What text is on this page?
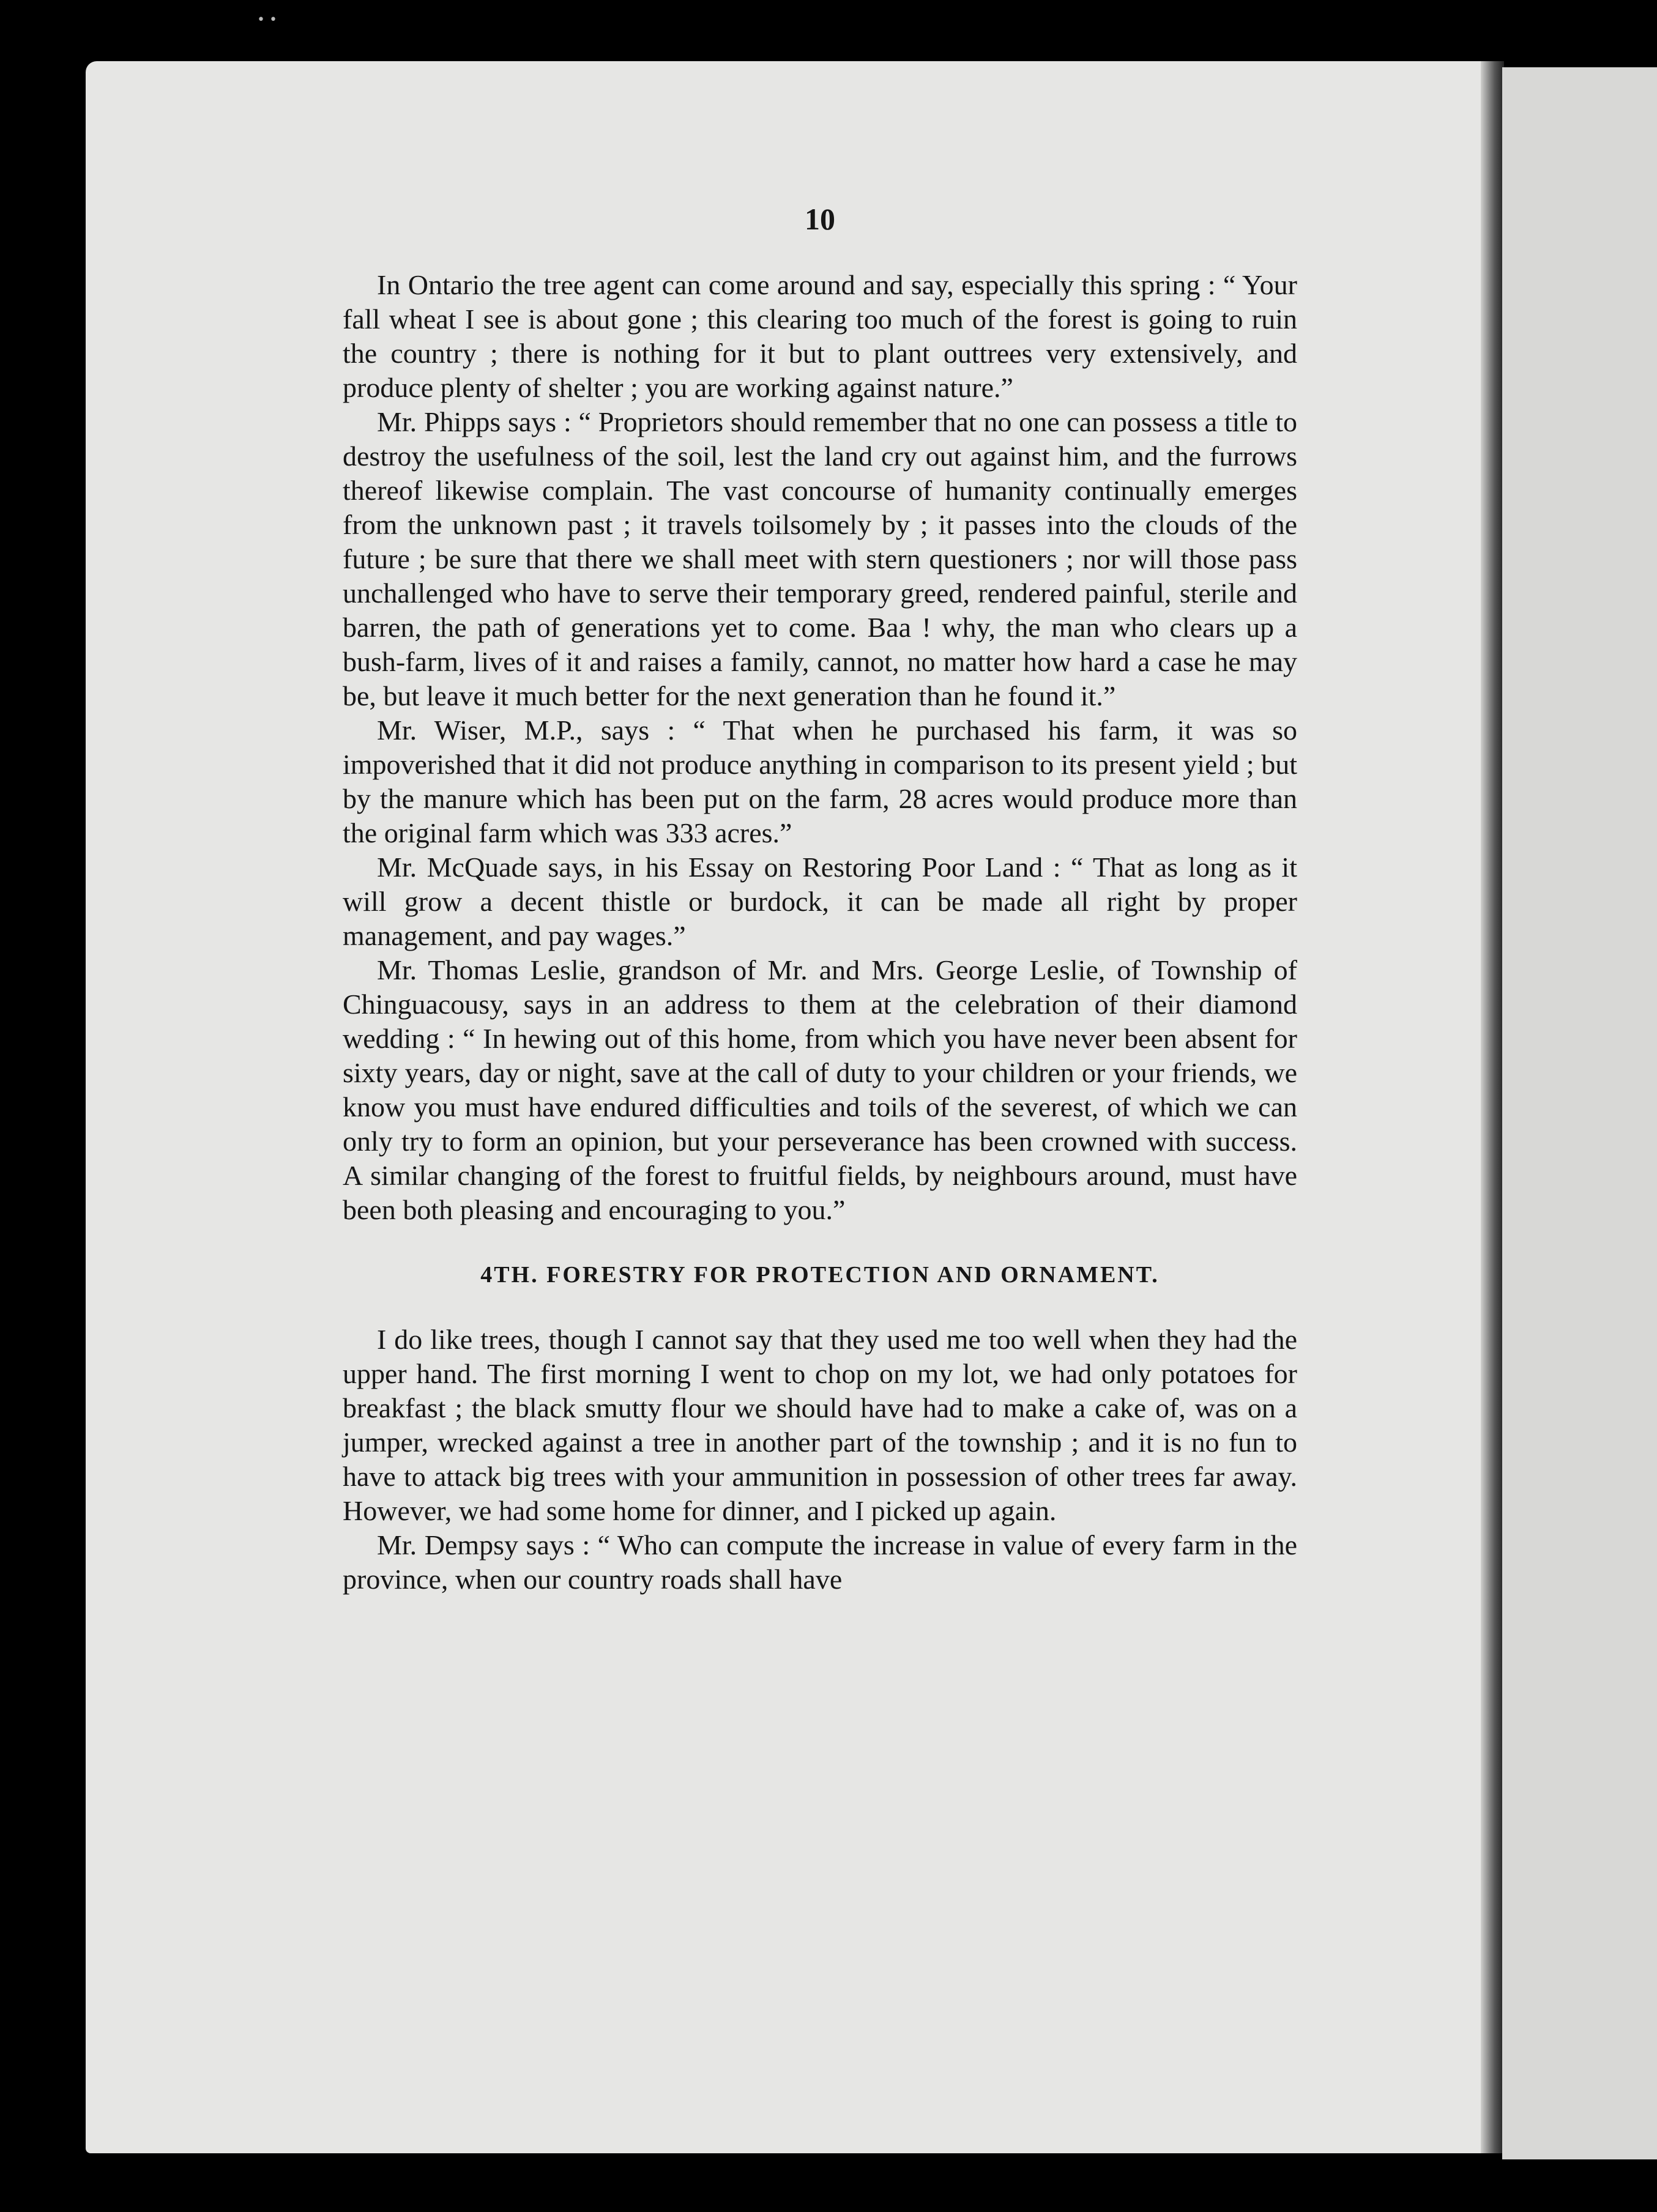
• •
10

In Ontario the tree agent can come around and say, especially this spring : “ Your fall wheat I see is about gone ; this clearing too much of the forest is going to ruin the country ; there is nothing for it but to plant outtrees very extensively, and produce plenty of shelter ; you are working against nature.”

Mr. Phipps says : “ Proprietors should remember that no one can possess a title to destroy the usefulness of the soil, lest the land cry out against him, and the furrows thereof likewise complain. The vast concourse of humanity continually emerges from the unknown past ; it travels toilsomely by ; it passes into the clouds of the future ; be sure that there we shall meet with stern questioners ; nor will those pass unchallenged who have to serve their temporary greed, rendered painful, sterile and barren, the path of generations yet to come. Baa ! why, the man who clears up a bush-farm, lives of it and raises a family, cannot, no matter how hard a case he may be, but leave it much better for the next generation than he found it.”

Mr. Wiser, M.P., says : “ That when he purchased his farm, it was so impoverished that it did not produce anything in comparison to its present yield ; but by the manure which has been put on the farm, 28 acres would produce more than the original farm which was 333 acres.”

Mr. McQuade says, in his Essay on Restoring Poor Land : “ That as long as it will grow a decent thistle or burdock, it can be made all right by proper management, and pay wages.”

Mr. Thomas Leslie, grandson of Mr. and Mrs. George Leslie, of Township of Chinguacousy, says in an address to them at the celebration of their diamond wedding : “ In hewing out of this home, from which you have never been absent for sixty years, day or night, save at the call of duty to your children or your friends, we know you must have endured difficulties and toils of the severest, of which we can only try to form an opinion, but your perseverance has been crowned with success. A similar changing of the forest to fruitful fields, by neighbours around, must have been both pleasing and encouraging to you.”

4TH. FORESTRY FOR PROTECTION AND ORNAMENT.

I do like trees, though I cannot say that they used me too well when they had the upper hand. The first morning I went to chop on my lot, we had only potatoes for breakfast ; the black smutty flour we should have had to make a cake of, was on a jumper, wrecked against a tree in another part of the township ; and it is no fun to have to attack big trees with your ammunition in possession of other trees far away. However, we had some home for dinner, and I picked up again.

Mr. Dempsy says : “ Who can compute the increase in value of every farm in the province, when our country roads shall have
